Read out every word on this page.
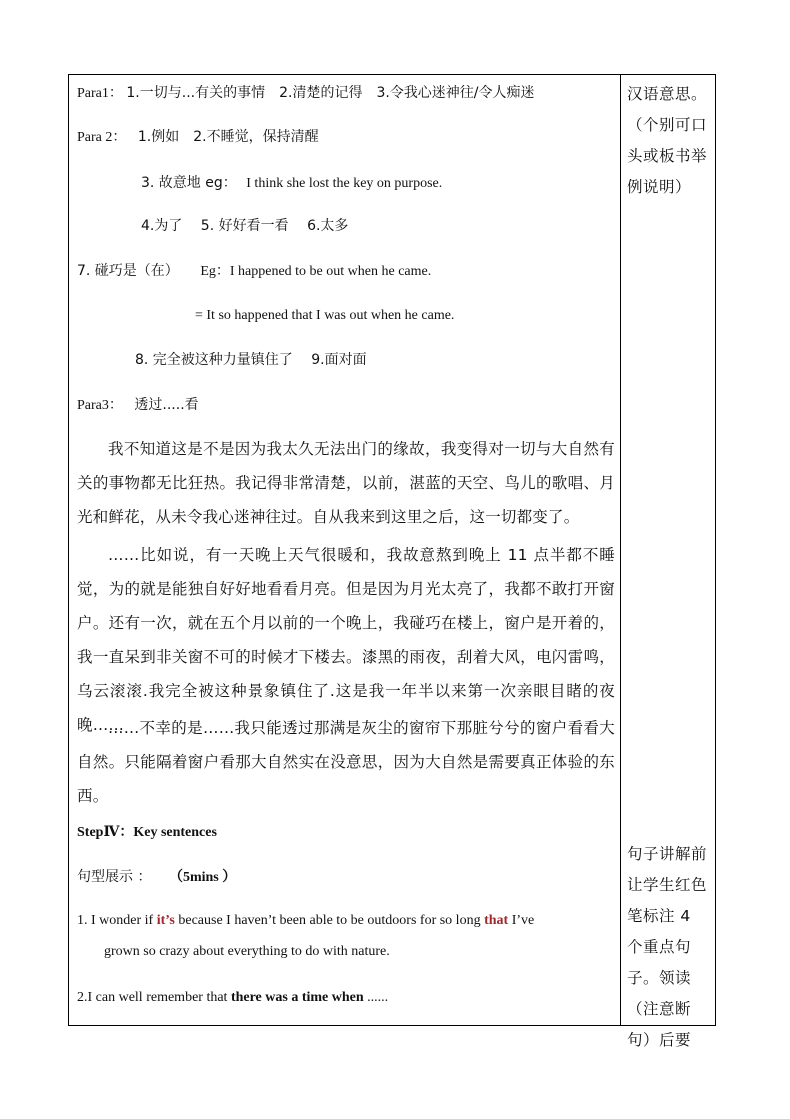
Para1： 1.一切与...有关的事情　2.清楚的记得　3.令我心迷神往/令人痴迷
Para 2： 1.例如　2.不睡觉，保持清醒
3. 故意地 eg： I think she lost the key on purpose.
4.为了　 5. 好好看一看　 6.太多
7. 碰巧是（在） Eg：I happened to be out when he came.
= It so happened that I was out when he came.
8. 完全被这种力量镇住了　 9.面对面
Para3： 透过.....看
我不知道这是不是因为我太久无法出门的缘故，我变得对一切与大自然有关的事物都无比狂热。我记得非常清楚，以前，湛蓝的天空、鸟儿的歌唱、月光和鲜花，从未令我心迷神往过。自从我来到这里之后，这一切都变了。
……比如说，有一天晚上天气很暖和，我故意熬到晚上 11 点半都不睡觉，为的就是能独自好好地看看月亮。但是因为月光太亮了，我都不敢打开窗户。还有一次，就在五个月以前的一个晚上，我碰巧在楼上，窗户是开着的，我一直呆到非关窗不可的时候才下楼去。漆黑的雨夜，刮着大风，电闪雷鸣，乌云滚滚.我完全被这种景象镇住了.这是我一年半以来第一次亲眼目睹的夜晚……
……不幸的是……我只能透过那满是灰尘的窗帘下那脏兮兮的窗户看看大自然。只能隔着窗户看那大自然实在没意思，因为大自然是需要真正体验的东西。
StepⅣ：Key sentences
句型展示 ： （5mins ）
1. I wonder if it’s because I haven’t been able to be outdoors for so long that I’ve
grown so crazy about everything to do with nature.
2.I can well remember that there was a time when ......
汉语意思。（个别可口头或板书举例说明）
句子讲解前让学生红色笔标注 4 个重点句子。领读（注意断句）后要
